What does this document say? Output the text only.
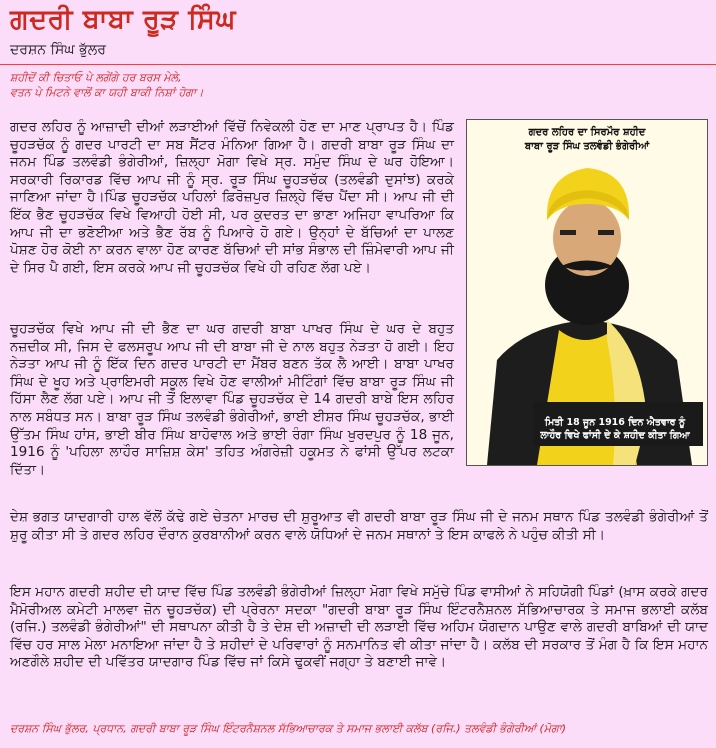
ਗਦਰੀ ਬਾਬਾ ਰੂੜ ਸਿੰਘ
ਦਰਸ਼ਨ ਸਿੰਘ ਭੁੱਲਰ
ਸ਼ਹੀਦੋਂ ਕੀ ਚਿਤਾਓ ਪੇ ਲਗੇਂਗੇ ਹਰ ਬਰਸ ਮੇਲੇ,
ਵਤਨ ਪੇ ਮਿਟਨੇ ਵਾਲੋਂ ਕਾ ਯਹੀ ਬਾਕੀ ਨਿਸ਼ਾਂ ਹੋਗਾ।

ਗਦਰ ਲਹਿਰ ਨੂੰ ਆਜ਼ਾਦੀ ਦੀਆਂ ਲੜਾਈਆਂ ਵਿੱਚੋਂ ਨਿਵੇਕਲੀ ਹੋਣ ਦਾ ਮਾਣ ਪ੍ਰਾਪਤ ਹੈ। ਪਿੰਡ ਚੂਹੜਚੱਕ ਨੂੰ ਗਦਰ ਪਾਰਟੀ ਦਾ ਸਬ ਸੈਂਟਰ ਮੰਨਿਆ ਗਿਆ ਹੈ। ਗਦਰੀ ਬਾਬਾ ਰੂੜ ਸਿੰਘ ਦਾ ਜਨਮ ਪਿੰਡ ਤਲਵੰਡੀ ਭੰਗੇਰੀਆਂ, ਜ਼ਿਲ੍ਹਾ ਮੋਗਾ ਵਿਖੇ ਸ੍ਰ. ਸਮੁੰਦ ਸਿੰਘ ਦੇ ਘਰ ਹੋਇਆ। ਸਰਕਾਰੀ ਰਿਕਾਰਡ ਵਿੱਚ ਆਪ ਜੀ ਨੂੰ ਸ੍ਰ. ਰੂੜ ਸਿੰਘ ਚੂਹੜਚੱਕ (ਤਲਵੰਡੀ ਦੁਸਾਂਝ) ਕਰਕੇ ਜਾਣਿਆ ਜਾਂਦਾ ਹੈ।ਪਿੰਡ ਚੂਹੜਚੱਕ ਪਹਿਲਾਂ ਫ਼ਿਰੋਜ਼ਪੁਰ ਜ਼ਿਲ੍ਹੇ ਵਿੱਚ ਪੈਂਦਾ ਸੀ। ਆਪ ਜੀ ਦੀ ਇੱਕ ਭੈਣ ਚੂਹੜਚੱਕ ਵਿਖੇ ਵਿਆਹੀ ਹੋਈ ਸੀ, ਪਰ ਕੁਦਰਤ ਦਾ ਭਾਣਾ ਅਜਿਹਾ ਵਾਪਰਿਆ ਕਿ ਆਪ ਜੀ ਦਾ ਭਣੋਈਆ ਅਤੇ ਭੈਣ ਰੱਬ ਨੂੰ ਪਿਆਰੇ ਹੋ ਗਏ। ਉਨ੍ਹਾਂ ਦੇ ਬੱਚਿਆਂ ਦਾ ਪਾਲਣ ਪੋਸ਼ਣ ਹੋਰ ਕੋਈ ਨਾ ਕਰਨ ਵਾਲਾ ਹੋਣ ਕਾਰਣ ਬੱਚਿਆਂ ਦੀ ਸਾਂਭ ਸੰਭਾਲ ਦੀ ਜ਼ਿੰਮੇਵਾਰੀ ਆਪ ਜੀ ਦੇ ਸਿਰ ਪੈ ਗਈ, ਇਸ ਕਰਕੇ ਆਪ ਜੀ ਚੂਹੜਚੱਕ ਵਿਖੇ ਹੀ ਰਹਿਣ ਲੱਗ ਪਏ।

ਚੂਹੜਚੱਕ ਵਿਖੇ ਆਪ ਜੀ ਦੀ ਭੈਣ ਦਾ ਘਰ ਗਦਰੀ ਬਾਬਾ ਪਾਖਰ ਸਿੰਘ ਦੇ ਘਰ ਦੇ ਬਹੁਤ ਨਜ਼ਦੀਕ ਸੀ, ਜਿਸ ਦੇ ਫਲਸਰੂਪ ਆਪ ਜੀ ਦੀ ਬਾਬਾ ਜੀ ਦੇ ਨਾਲ ਬਹੁਤ ਨੇੜਤਾ ਹੋ ਗਈ। ਇਹ ਨੇੜਤਾ ਆਪ ਜੀ ਨੂੰ ਇੱਕ ਦਿਨ ਗਦਰ ਪਾਰਟੀ ਦਾ ਮੈਂਬਰ ਬਣਨ ਤੱਕ ਲੈ ਆਈ। ਬਾਬਾ ਪਾਖਰ ਸਿੰਘ ਦੇ ਖੂਹ ਅਤੇ ਪ੍ਰਾਇਮਰੀ ਸਕੂਲ ਵਿਖੇ ਹੋਣ ਵਾਲੀਆਂ ਮੀਟਿੰਗਾਂ ਵਿੱਚ ਬਾਬਾ ਰੂੜ ਸਿੰਘ ਜੀ ਹਿੱਸਾ ਲੈਣ ਲੱਗ ਪਏ। ਆਪ ਜੀ ਤੋਂ ਇਲਾਵਾ ਪਿੰਡ ਚੂਹੜਚੱਕ ਦੇ 14 ਗਦਰੀ ਬਾਬੇ ਇਸ ਲਹਿਰ ਨਾਲ ਸਬੰਧਤ ਸਨ। ਬਾਬਾ ਰੂੜ ਸਿੰਘ ਤਲਵੰਡੀ ਭੰਗੇਰੀਆਂ, ਭਾਈ ਈਸ਼ਰ ਸਿੰਘ ਚੂਹੜਚੱਕ, ਭਾਈ ਉੱਤਮ ਸਿੰਘ ਹਾਂਸ, ਭਾਈ ਬੀਰ ਸਿੰਘ ਬਾਹੋਵਾਲ ਅਤੇ ਭਾਈ ਰੰਗਾ ਸਿੰਘ ਖੁਰਦਪੁਰ ਨੂੰ 18 ਜੂਨ, 1916 ਨੂੰ 'ਪਹਿਲਾ ਲਾਹੌਰ ਸਾਜ਼ਿਸ਼ ਕੇਸ' ਤਹਿਤ ਅੰਗਰੇਜ਼ੀ ਹਕੂਮਤ ਨੇ ਫਾਂਸੀ ਉੱਪਰ ਲਟਕਾ ਦਿੱਤਾ।

ਦੇਸ਼ ਭਗਤ ਯਾਦਗਾਰੀ ਹਾਲ ਵੱਲੋਂ ਕੱਢੇ ਗਏ ਚੇਤਨਾ ਮਾਰਚ ਦੀ ਸ਼ੁਰੂਆਤ ਵੀ ਗਦਰੀ ਬਾਬਾ ਰੂੜ ਸਿੰਘ ਜੀ ਦੇ ਜਨਮ ਸਥਾਨ ਪਿੰਡ ਤਲਵੰਡੀ ਭੰਗੇਰੀਆਂ ਤੋਂ ਸ਼ੁਰੂ ਕੀਤਾ ਸੀ ਤੇ ਗਦਰ ਲਹਿਰ ਦੌਰਾਨ ਕੁਰਬਾਨੀਆਂ ਕਰਨ ਵਾਲੇ ਯੋਧਿਆਂ ਦੇ ਜਨਮ ਸਥਾਨਾਂ ਤੇ ਇਸ ਕਾਫਲੇ ਨੇ ਪਹੁੰਚ ਕੀਤੀ ਸੀ।

ਇਸ ਮਹਾਨ ਗਦਰੀ ਸ਼ਹੀਦ ਦੀ ਯਾਦ ਵਿੱਚ ਪਿੰਡ ਤਲਵੰਡੀ ਭੰਗੇਰੀਆਂ ਜ਼ਿਲ੍ਹਾ ਮੋਗਾ ਵਿਖੇ ਸਮੁੱਚੇ ਪਿੰਡ ਵਾਸੀਆਂ ਨੇ ਸਹਿਯੋਗੀ ਪਿੰਡਾਂ (ਖ਼ਾਸ ਕਰਕੇ ਗਦਰ ਮੈਮੋਰੀਅਲ ਕਮੇਟੀ ਮਾਲਵਾ ਜ਼ੋਨ ਚੂਹੜਚੱਕ) ਦੀ ਪ੍ਰੇਰਨਾ ਸਦਕਾ "ਗਦਰੀ ਬਾਬਾ ਰੂੜ ਸਿੰਘ ਇੰਟਰਨੈਸ਼ਨਲ ਸੱਭਿਆਚਾਰਕ ਤੇ ਸਮਾਜ ਭਲਾਈ ਕਲੱਬ (ਰਜਿ.) ਤਲਵੰਡੀ ਭੰਗੇਰੀਆਂ" ਦੀ ਸਥਾਪਨਾ ਕੀਤੀ ਹੈ ਤੇ ਦੇਸ਼ ਦੀ ਅਜ਼ਾਦੀ ਦੀ ਲੜਾਈ ਵਿੱਚ ਅਹਿਮ ਯੋਗਦਾਨ ਪਾਉਣ ਵਾਲੇ ਗਦਰੀ ਬਾਬਿਆਂ ਦੀ ਯਾਦ ਵਿੱਚ ਹਰ ਸਾਲ ਮੇਲਾ ਮਨਾਇਆ ਜਾਂਦਾ ਹੈ ਤੇ ਸ਼ਹੀਦਾਂ ਦੇ ਪਰਿਵਾਰਾਂ ਨੂੰ ਸਨਮਾਨਿਤ ਵੀ ਕੀਤਾ ਜਾਂਦਾ ਹੈ। ਕਲੱਬ ਦੀ ਸਰਕਾਰ ਤੋਂ ਮੰਗ ਹੈ ਕਿ ਇਸ ਮਹਾਨ ਅਣਗੌਲੇ ਸ਼ਹੀਦ ਦੀ ਪਵਿੱਤਰ ਯਾਦਗਾਰ ਪਿੰਡ ਵਿੱਚ ਜਾਂ ਕਿਸੇ ਢੁਕਵੀਂ ਜਗ੍ਹਾ ਤੇ ਬਣਾਈ ਜਾਵੇ।

ਗਦਰ ਲਹਿਰ ਦਾ ਸਿਰਮੌਰ ਸ਼ਹੀਦ
ਬਾਬਾ ਰੂੜ ਸਿੰਘ ਤਲਵੰਡੀ ਭੰਗੇਰੀਆਂ
ਮਿਤੀ 18 ਜੂਨ 1916 ਦਿਨ ਐਤਵਾਰ ਨੂੰ
ਲਾਹੌਰ ਵਿਖੇ ਫਾਂਸੀ ਦੇ ਕੇ ਸ਼ਹੀਦ ਕੀਤਾ ਗਿਆ
ਦਰਸ਼ਨ ਸਿੰਘ ਭੁੱਲਰ, ਪ੍ਰਧਾਨ, ਗਦਰੀ ਬਾਬਾ ਰੂੜ ਸਿੰਘ ਇੰਟਰਨੈਸ਼ਨਲ ਸੱਭਿਆਚਾਰਕ ਤੇ ਸਮਾਜ ਭਲਾਈ ਕਲੱਬ (ਰਜਿ.) ਤਲਵੰਡੀ ਭੰਗੇਰੀਆਂ (ਮੋਗਾ)
